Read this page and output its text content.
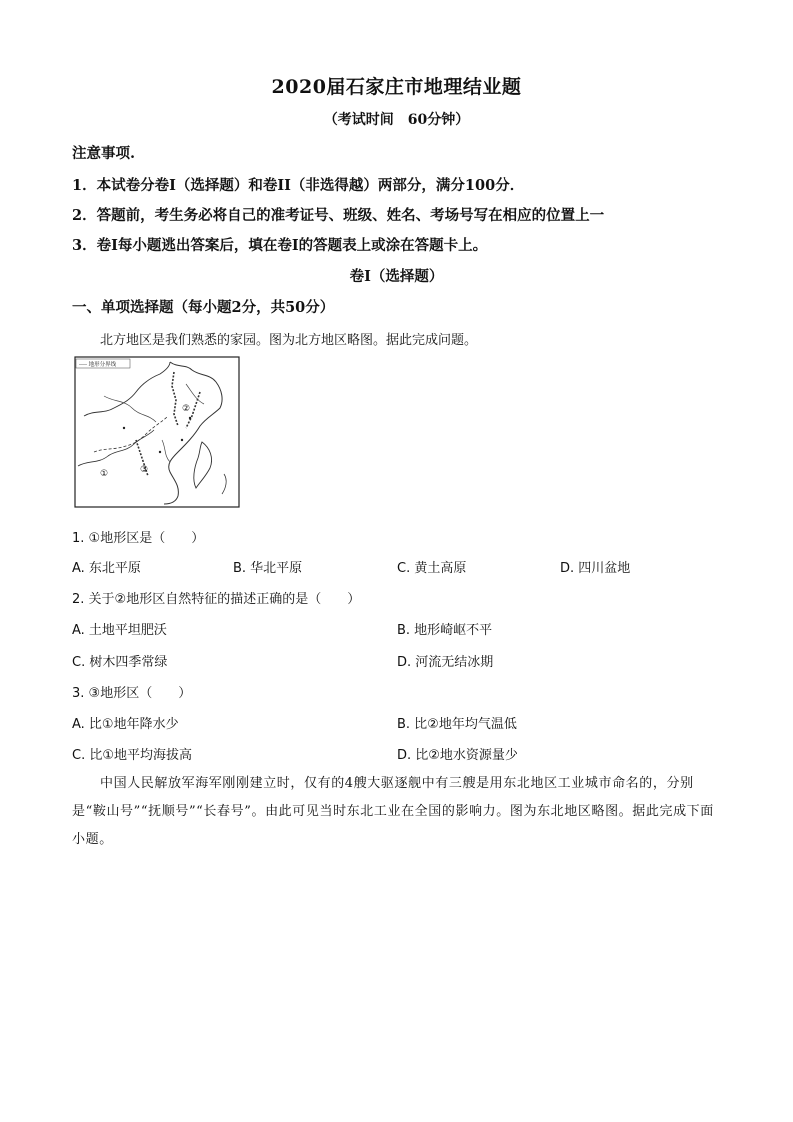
2020届石家庄市地理结业题
（考试时间　60分钟）
注意事项.
1．本试卷分卷Ⅰ（选择题）和卷II（非选得越）两部分，满分100分．
2．答题前，考生务必将自己的准考证号、班级、姓名、考场号写在相应的位置上一
3．卷Ⅰ每小题逃出答案后，填在卷Ⅰ的答题表上或涂在答题卡上。
卷Ⅰ（选择题）
一、单项选择题（每小题2分，共50分）
北方地区是我们熟悉的家园。图为北方地区略图。据此完成问题。
---- 地形分界线
②
③
①
1. ①地形区是（　　）
A. 东北平原	B. 华北平原	C. 黄土高原	D. 四川盆地
2. 关于②地形区自然特征的描述正确的是（　　）
A. 土地平坦肥沃	B. 地形崎岖不平
C. 树木四季常绿	D. 河流无结冰期
3. ③地形区（　　）
A. 比①地年降水少	B. 比②地年均气温低
C. 比①地平均海拔高	D. 比②地水资源量少
中国人民解放军海军刚刚建立时，仅有的4艘大驱逐舰中有三艘是用东北地区工业城市命名的，分别是“鞍山号”“抚顺号”“长春号”。由此可见当时东北工业在全国的影响力。图为东北地区略图。据此完成下面小题。
